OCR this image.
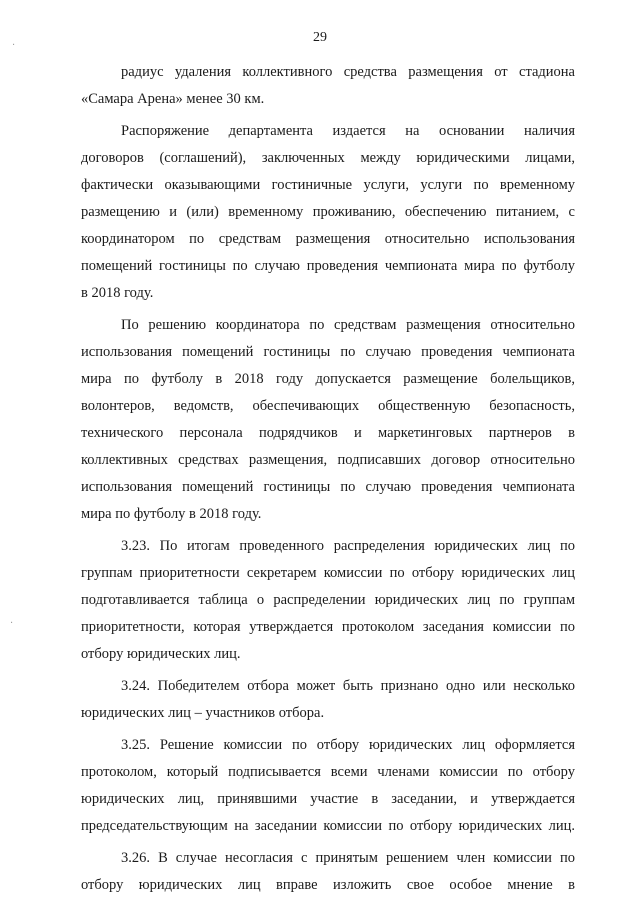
29
радиус удаления коллективного средства размещения от стадиона
«Самара Арена» менее 30 км.
Распоряжение департамента издается на основании наличия
договоров (соглашений), заключенных между юридическими лицами,
фактически оказывающими гостиничные услуги, услуги по временному
размещению и (или) временному проживанию, обеспечению питанием, с
координатором по средствам размещения относительно использования
помещений гостиницы по случаю проведения чемпионата мира по футболу
в 2018 году.
По решению координатора по средствам размещения относительно
использования помещений гостиницы по случаю проведения чемпионата
мира по футболу в 2018 году допускается размещение болельщиков,
волонтеров, ведомств, обеспечивающих общественную безопасность,
технического персонала подрядчиков и маркетинговых партнеров в
коллективных средствах размещения, подписавших договор относительно
использования помещений гостиницы по случаю проведения чемпионата
мира по футболу в 2018 году.
3.23. По итогам проведенного распределения юридических лиц по
группам приоритетности секретарем комиссии по отбору юридических лиц
подготавливается таблица о распределении юридических лиц по группам
приоритетности, которая утверждается протоколом заседания комиссии по
отбору юридических лиц.
3.24. Победителем отбора может быть признано одно или несколько
юридических лиц – участников отбора.
3.25. Решение комиссии по отбору юридических лиц оформляется
протоколом, который подписывается всеми членами комиссии по отбору
юридических лиц, принявшими участие в заседании, и утверждается
председательствующим на заседании комиссии по отбору юридических лиц.
3.26. В случае несогласия с принятым решением член комиссии по
отбору юридических лиц вправе изложить свое особое мнение в
·
·
